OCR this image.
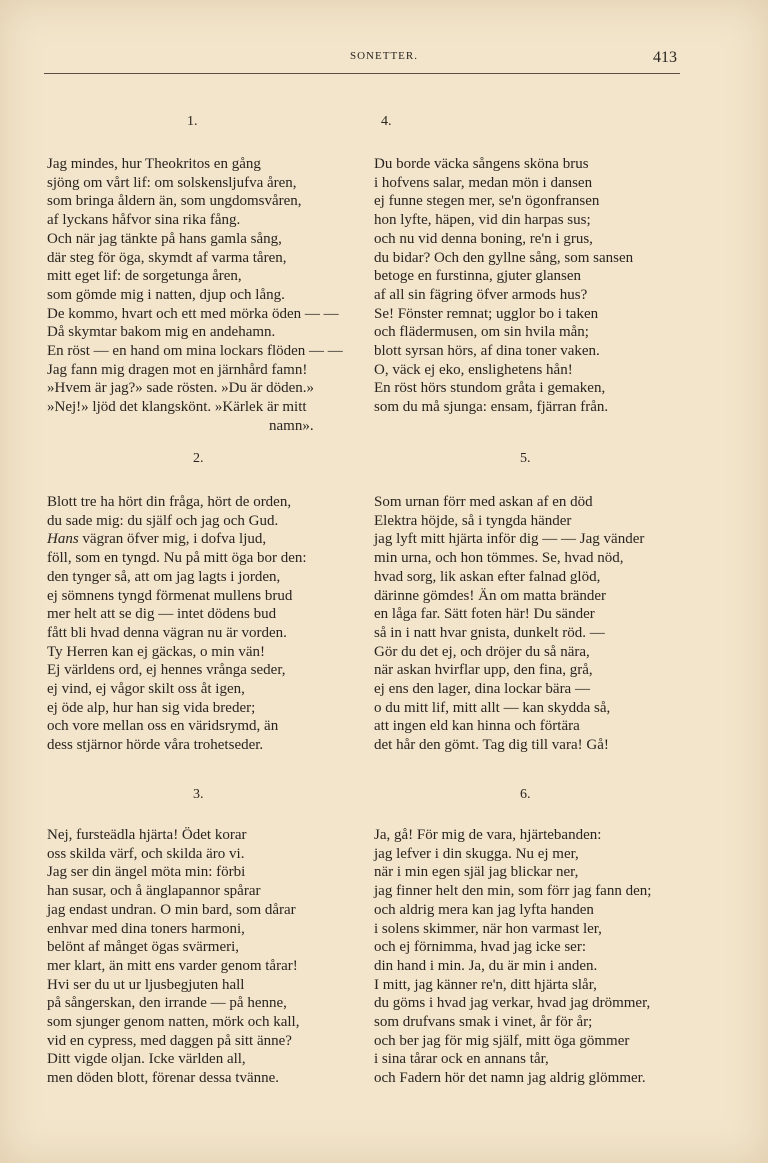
SONETTER.	413
1.
Jag mindes, hur Theokritos en gång
sjöng om vårt lif: om solskensljufva åren,
som bringa åldern än, som ungdomsvåren,
af lyckans håfvor sina rika fång.
Och när jag tänkte på hans gamla sång,
där steg för öga, skymdt af varma tåren,
mitt eget lif: de sorgetunga åren,
som gömde mig i natten, djup och lång.
De kommo, hvart och ett med mörka öden — —
Då skymtar bakom mig en andehamn.
En röst — en hand om mina lockars flöden — —
Jag fann mig dragen mot en järnhård famn!
»Hvem är jag?» sade rösten. »Du är döden.»
»Nej!» ljöd det klangskönt. »Kärlek är mitt
namn».
2.
Blott tre ha hört din fråga, hört de orden,
du sade mig: du själf och jag och Gud.
Hans vägran öfver mig, i dofva ljud,
föll, som en tyngd. Nu på mitt öga bor den:
den tynger så, att om jag lagts i jorden,
ej sömnens tyngd förmenat mullens brud
mer helt att se dig — intet dödens bud
fått bli hvad denna vägran nu är vorden.
Ty Herren kan ej gäckas, o min vän!
Ej världens ord, ej hennes vrånga seder,
ej vind, ej vågor skilt oss åt igen,
ej öde alp, hur han sig vida breder;
och vore mellan oss en väridsrymd, än
dess stjärnor hörde våra trohetseder.
3.
Nej, fursteädla hjärta! Ödet korar
oss skilda värf, och skilda äro vi.
Jag ser din ängel möta min: förbi
han susar, och å änglapannor spårar
jag endast undran. O min bard, som dårar
enhvar med dina toners harmoni,
belönt af månget ögas svärmeri,
mer klart, än mitt ens varder genom tårar!
Hvi ser du ut ur ljusbegjuten hall
på sångerskan, den irrande — på henne,
som sjunger genom natten, mörk och kall,
vid en cypress, med daggen på sitt änne?
Ditt vigde oljan. Icke världen all,
men döden blott, förenar dessa tvänne.
4.
Du borde väcka sångens sköna brus
i hofvens salar, medan mön i dansen
ej funne stegen mer, se'n ögonfransen
hon lyfte, häpen, vid din harpas sus;
och nu vid denna boning, re'n i grus,
du bidar? Och den gyllne sång, som sansen
betoge en furstinna, gjuter glansen
af all sin fägring öfver armods hus?
Se! Fönster remnat; ugglor bo i taken
och flädermusen, om sin hvila mån;
blott syrsan hörs, af dina toner vaken.
O, väck ej eko, enslighetens hån!
En röst hörs stundom gråta i gemaken,
som du må sjunga: ensam, fjärran från.
5.
Som urnan förr med askan af en död
Elektra höjde, så i tyngda händer
jag lyft mitt hjärta inför dig — — Jag vänder
min urna, och hon tömmes. Se, hvad nöd,
hvad sorg, lik askan efter falnad glöd,
därinne gömdes! Än om matta bränder
en låga far. Sätt foten här! Du sänder
så in i natt hvar gnista, dunkelt röd. —
Gör du det ej, och dröjer du så nära,
när askan hvirflar upp, den fina, grå,
ej ens den lager, dina lockar bära —
o du mitt lif, mitt allt — kan skydda så,
att ingen eld kan hinna och förtära
det hår den gömt. Tag dig till vara! Gå!
6.
Ja, gå! För mig de vara, hjärtebanden:
jag lefver i din skugga. Nu ej mer,
när i min egen själ jag blickar ner,
jag finner helt den min, som förr jag fann den;
och aldrig mera kan jag lyfta handen
i solens skimmer, när hon varmast ler,
och ej förnimma, hvad jag icke ser:
din hand i min. Ja, du är min i anden.
I mitt, jag känner re'n, ditt hjärta slår,
du göms i hvad jag verkar, hvad jag drömmer,
som drufvans smak i vinet, år för år;
och ber jag för mig själf, mitt öga gömmer
i sina tårar ock en annans tår,
och Fadern hör det namn jag aldrig glömmer.
